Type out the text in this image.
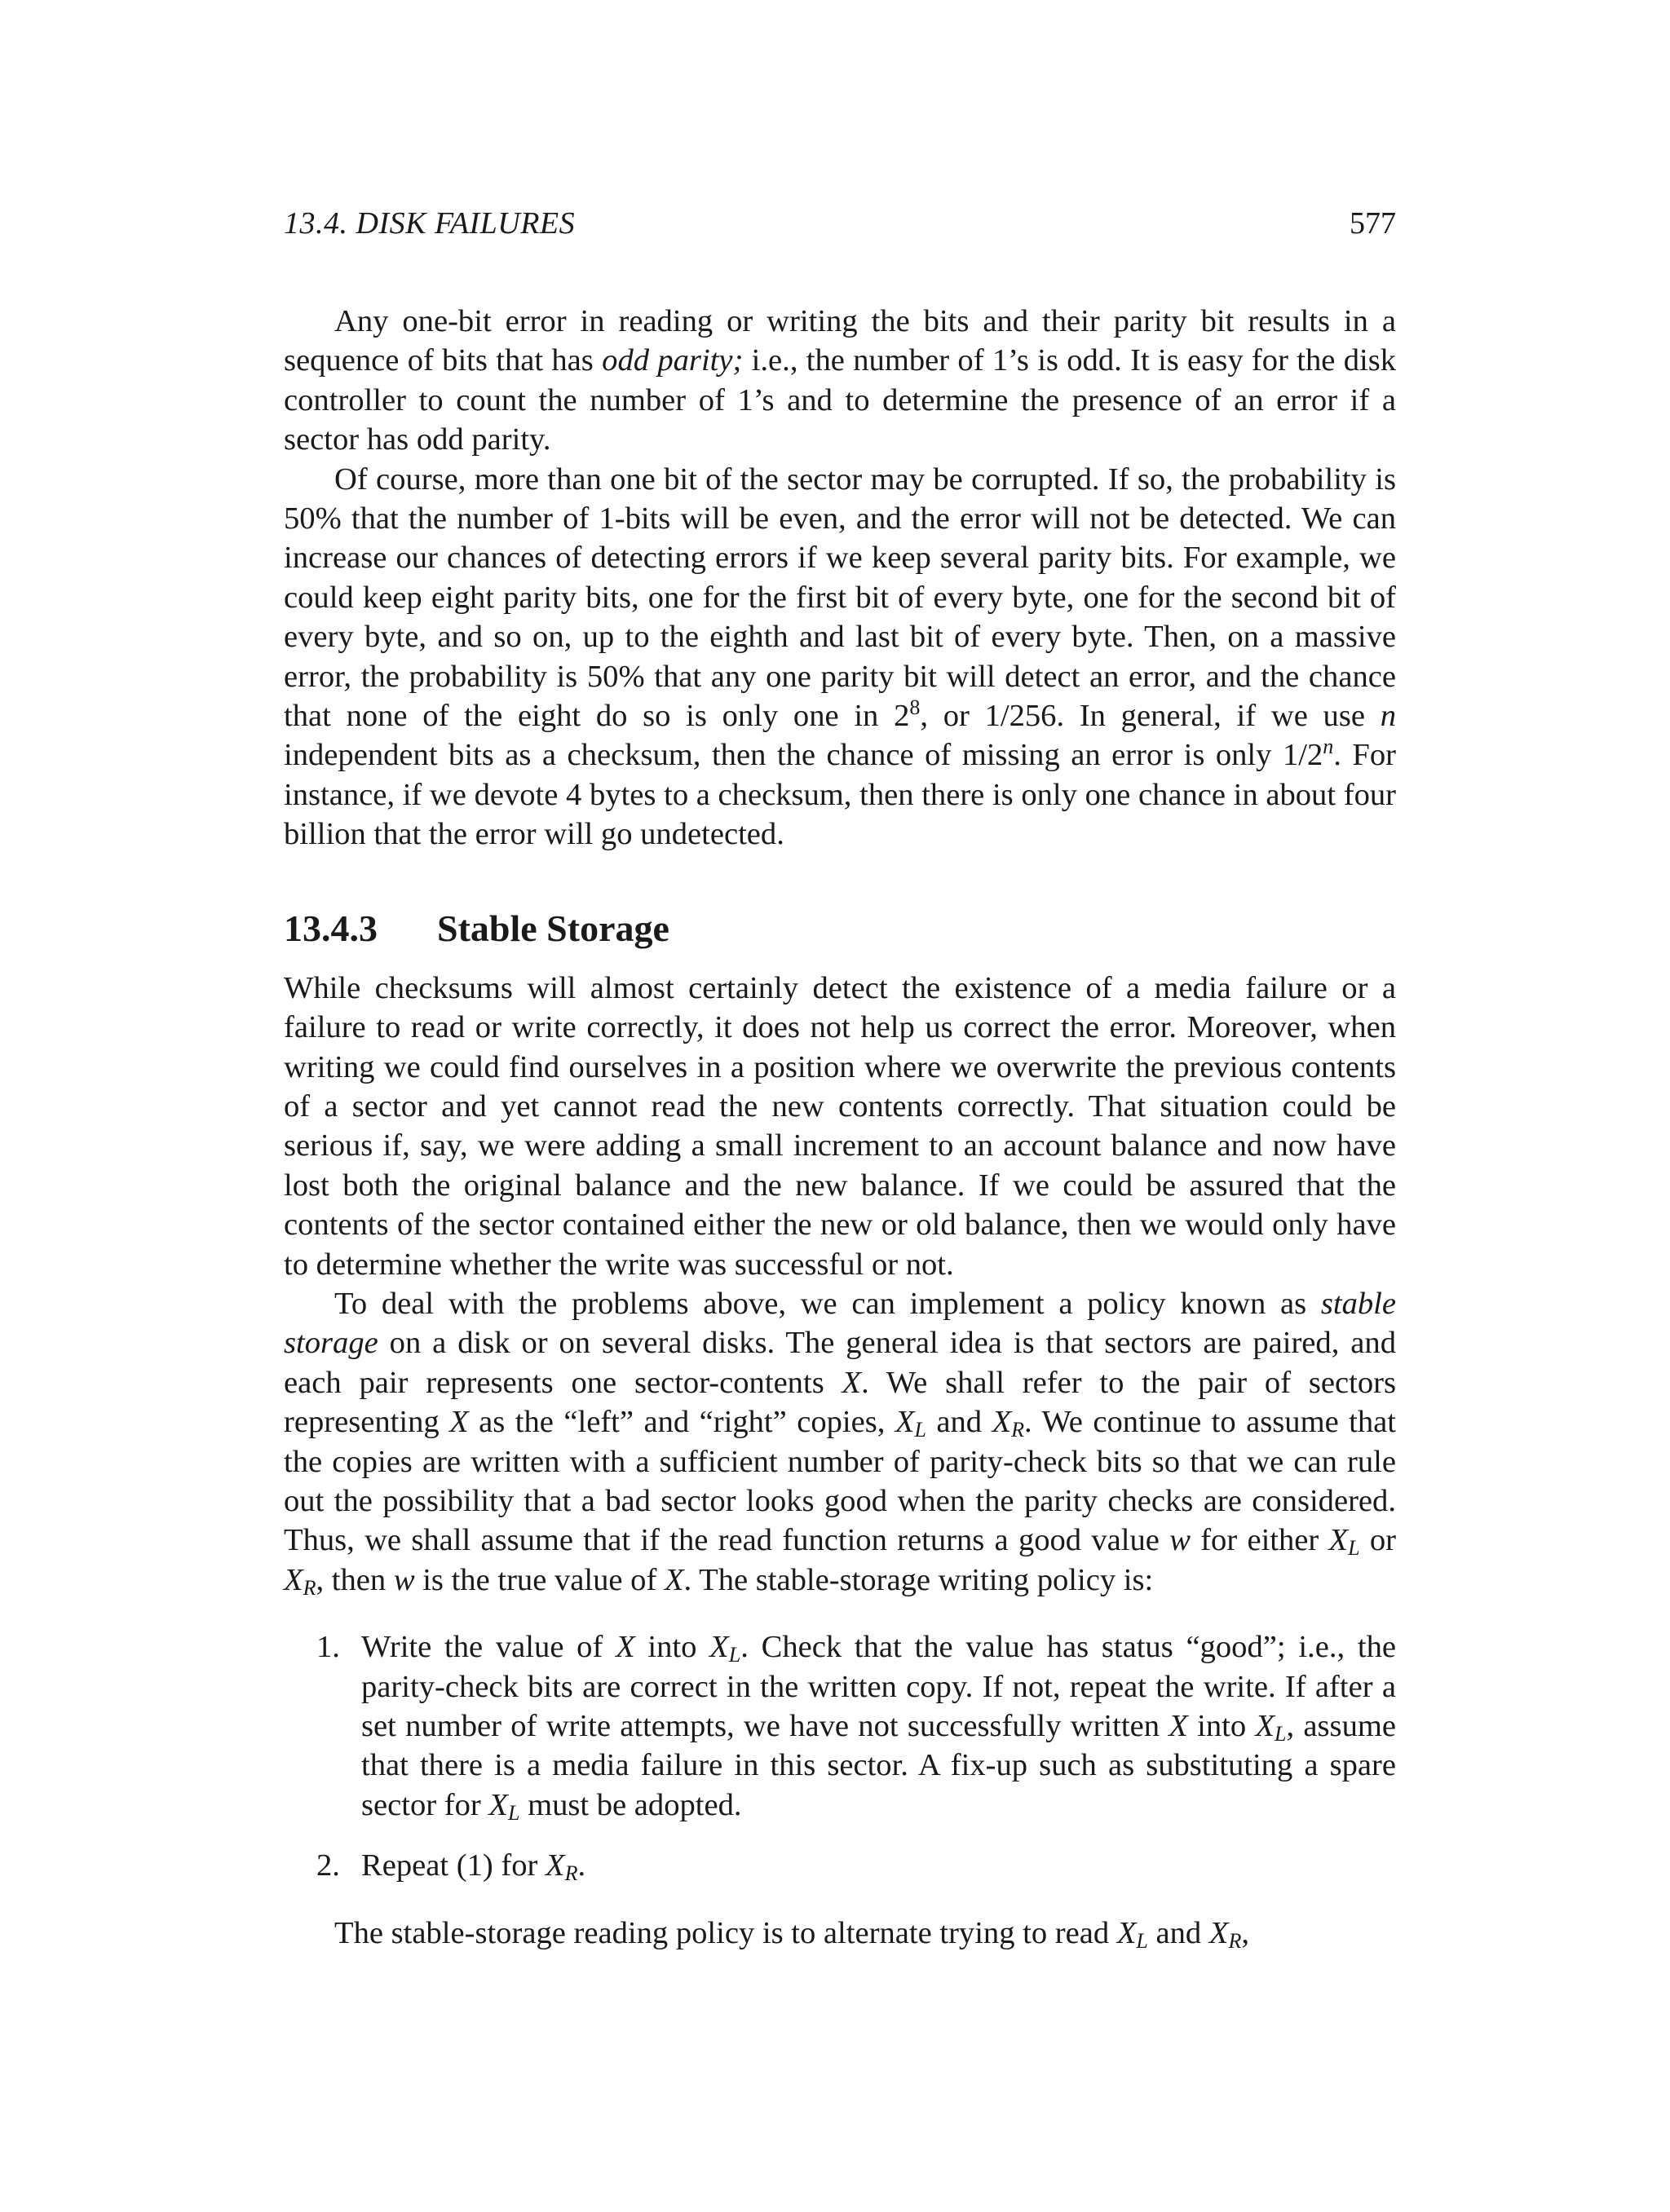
13.4. DISK FAILURES	577

Any one-bit error in reading or writing the bits and their parity bit results in a sequence of bits that has odd parity; i.e., the number of 1’s is odd. It is easy for the disk controller to count the number of 1’s and to determine the presence of an error if a sector has odd parity.

Of course, more than one bit of the sector may be corrupted. If so, the probability is 50% that the number of 1-bits will be even, and the error will not be detected. We can increase our chances of detecting errors if we keep several parity bits. For example, we could keep eight parity bits, one for the first bit of every byte, one for the second bit of every byte, and so on, up to the eighth and last bit of every byte. Then, on a massive error, the probability is 50% that any one parity bit will detect an error, and the chance that none of the eight do so is only one in $2^8$, or 1/256. In general, if we use n independent bits as a checksum, then the chance of missing an error is only 1/2$^n$. For instance, if we devote 4 bytes to a checksum, then there is only one chance in about four billion that the error will go undetected.

13.4.3 Stable Storage

While checksums will almost certainly detect the existence of a media failure or a failure to read or write correctly, it does not help us correct the error. Moreover, when writing we could find ourselves in a position where we overwrite the previous contents of a sector and yet cannot read the new contents correctly. That situation could be serious if, say, we were adding a small increment to an account balance and now have lost both the original balance and the new balance. If we could be assured that the contents of the sector contained either the new or old balance, then we would only have to determine whether the write was successful or not.

To deal with the problems above, we can implement a policy known as stable storage on a disk or on several disks. The general idea is that sectors are paired, and each pair represents one sector-contents X. We shall refer to the pair of sectors representing X as the “left” and “right” copies, $X_L$ and $X_R$. We continue to assume that the copies are written with a sufficient number of parity-check bits so that we can rule out the possibility that a bad sector looks good when the parity checks are considered. Thus, we shall assume that if the read function returns a good value w for either $X_L$ or $X_R$, then w is the true value of X. The stable-storage writing policy is:

1. Write the value of X into $X_L$. Check that the value has status “good”; i.e., the parity-check bits are correct in the written copy. If not, repeat the write. If after a set number of write attempts, we have not successfully written X into $X_L$, assume that there is a media failure in this sector. A fix-up such as substituting a spare sector for $X_L$ must be adopted.
2. Repeat (1) for $X_R$.

The stable-storage reading policy is to alternate trying to read $X_L$ and $X_R$,
